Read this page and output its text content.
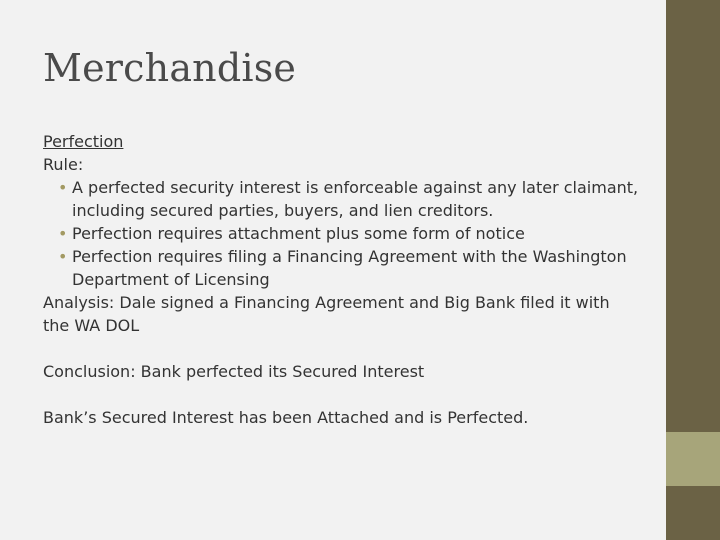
Merchandise

Perfection

Rule:

• A perfected security interest is enforceable against any later claimant, including secured parties, buyers, and lien creditors.
• Perfection requires attachment plus some form of notice
• Perfection requires filing a Financing Agreement with the Washington Department of Licensing

Analysis: Dale signed a Financing Agreement and Big Bank filed it with

the WA DOL

Conclusion: Bank perfected its Secured Interest

Bank’s Secured Interest has been Attached and is Perfected.
